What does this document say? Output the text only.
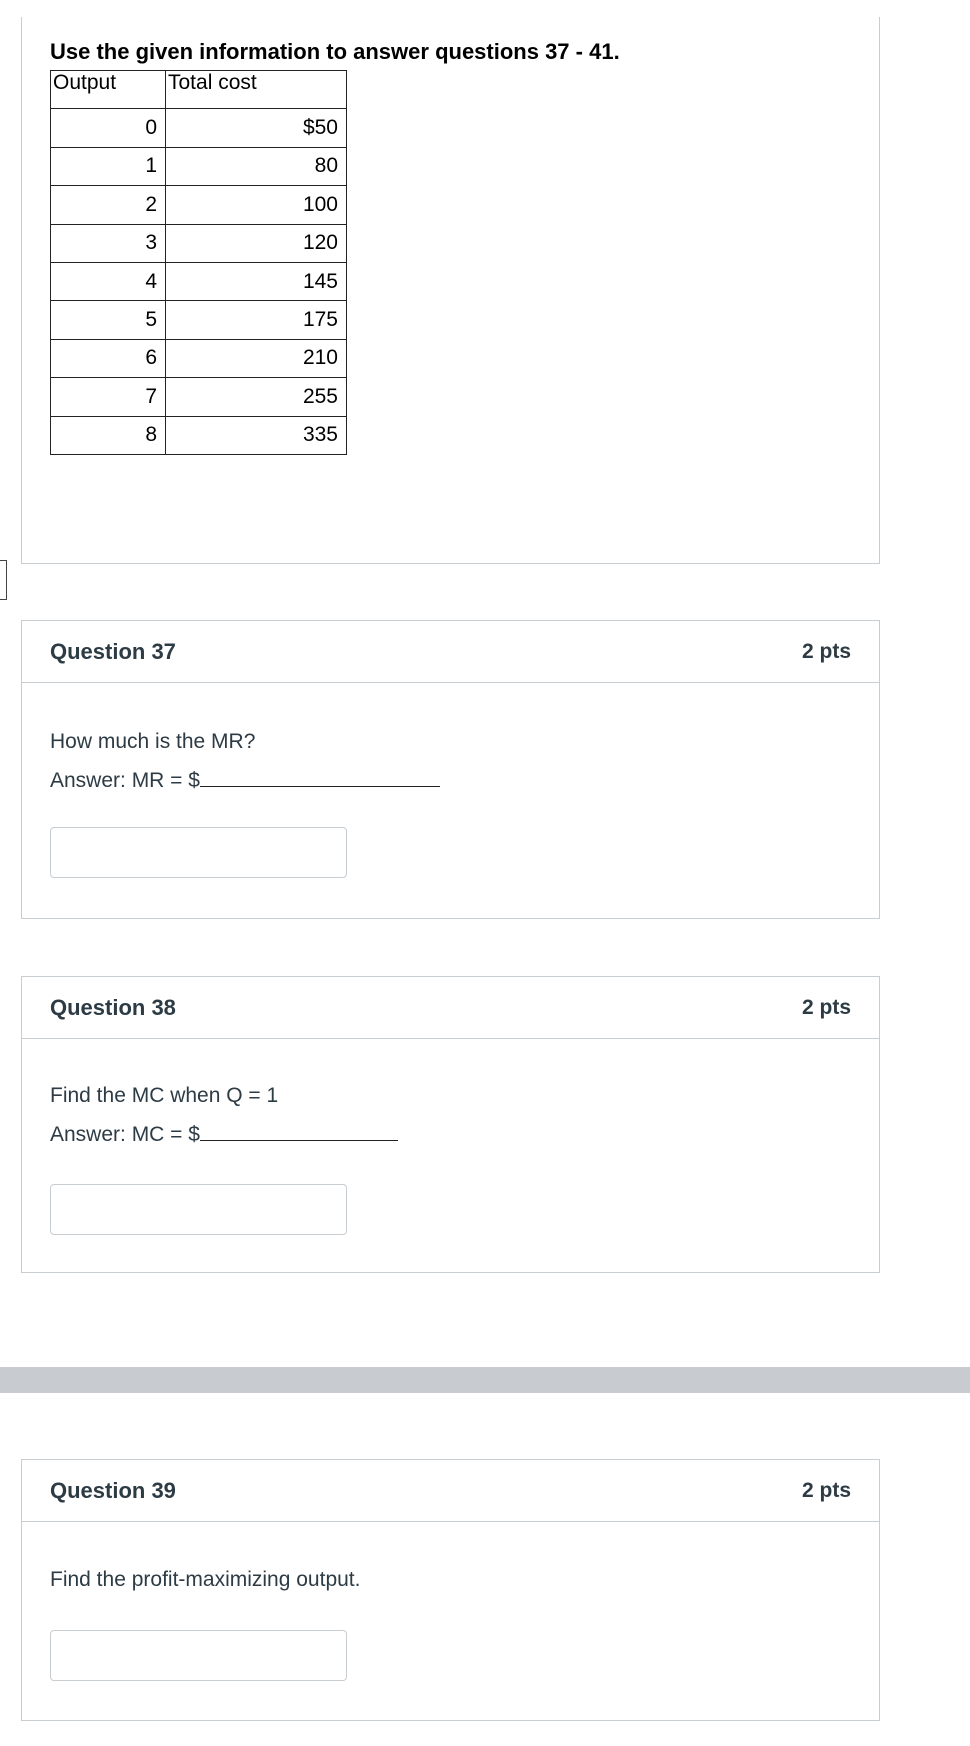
Use the given information to answer questions 37 - 41.
Output	Total cost
0	$50
1	80
2	100
3	120
4	145
5	175
6	210
7	255
8	335
Question 37	2 pts
How much is the MR?
Answer: MR = $
Question 38	2 pts
Find the MC when Q = 1
Answer: MC = $
Question 39	2 pts
Find the profit-maximizing output.
